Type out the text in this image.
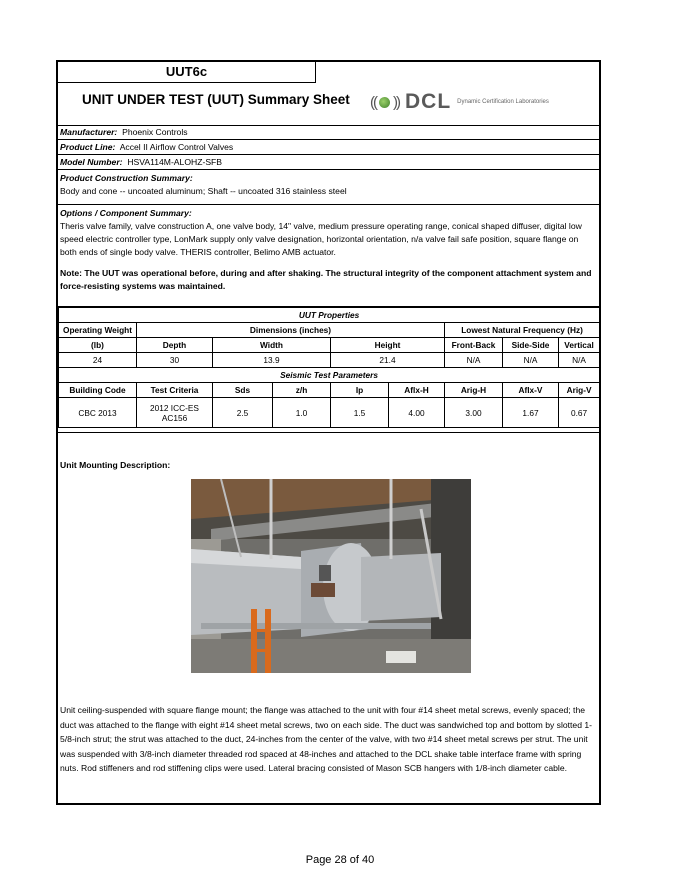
UUT6c
UNIT UNDER TEST (UUT) Summary Sheet (( )) DCL Dynamic Certification Laboratories
Manufacturer: Phoenix Controls
Product Line: Accel II Airflow Control Valves
Model Number: HSVA114M-ALOHZ-SFB
Product Construction Summary:
Body and cone -- uncoated aluminum; Shaft -- uncoated 316 stainless steel
Options / Component Summary:
Theris valve family, valve construction A, one valve body, 14" valve, medium pressure operating range, conical shaped diffuser, digital low speed electric controller type, LonMark supply only valve designation, horizontal orientation, n/a valve fail safe position, square flange on both ends of single body valve. THERIS controller, Belimo AMB actuator.
Note: The UUT was operational before, during and after shaking. The structural integrity of the component attachment system and force-resisting systems was maintained.
UUT Properties								
Operating Weight	Dimensions (inches)					Lowest Natural Frequency (Hz)		
(lb)	Depth	Width		Height		Front-Back	Side-Side	Vertical
24	30	13.9		21.4		N/A	N/A	N/A
Seismic Test Parameters								
Building Code	Test Criteria	Sds	z/h	Ip	Aflx-H	Arig-H	Aflx-V	Arig-V
CBC 2013	2012 ICC-ES AC156	2.5	1.0	1.5	4.00	3.00	1.67	0.67
Unit Mounting Description:
Unit ceiling-suspended with square flange mount; the flange was attached to the unit with four #14 sheet metal screws, evenly spaced; the duct was attached to the flange with eight #14 sheet metal screws, two on each side. The duct was sandwiched top and bottom by slotted 1-5/8-inch strut; the strut was attached to the duct, 24-inches from the center of the valve, with two #14 sheet metal screws per strut. The unit was suspended with 3/8-inch diameter threaded rod spaced at 48-inches and attached to the DCL shake table interface frame with spring nuts. Rod stiffeners and rod stiffening clips were used. Lateral bracing consisted of Mason SCB hangers with 1/8-inch diameter cable.
Page 28 of 40
